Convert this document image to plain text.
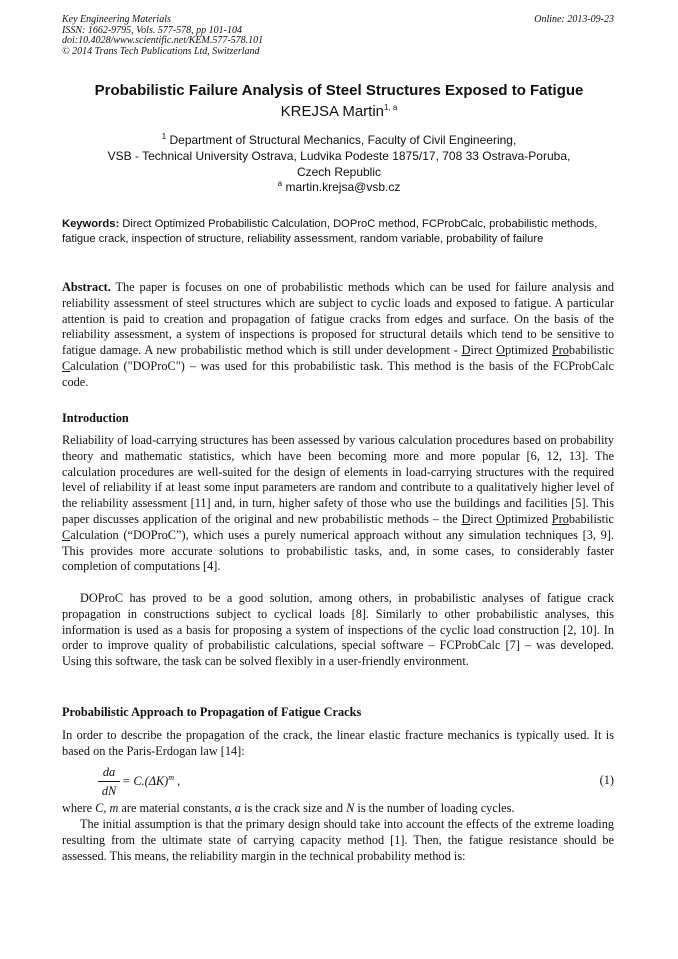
Key Engineering Materials
ISSN: 1662-9795, Vols. 577-578, pp 101-104
doi:10.4028/www.scientific.net/KEM.577-578.101
© 2014 Trans Tech Publications Ltd, Switzerland
Online: 2013-09-23
Probabilistic Failure Analysis of Steel Structures Exposed to Fatigue
KREJSA Martin$^{1, a}$
$^1$ Department of Structural Mechanics, Faculty of Civil Engineering,
VSB - Technical University Ostrava, Ludvika Podeste 1875/17, 708 33 Ostrava-Poruba,
Czech Republic
$^a$ martin.krejsa@vsb.cz
Keywords: Direct Optimized Probabilistic Calculation, DOProC method, FCProbCalc, probabilistic methods, fatigue crack, inspection of structure, reliability assessment, random variable, probability of failure
Abstract. The paper is focuses on one of probabilistic methods which can be used for failure analysis and reliability assessment of steel structures which are subject to cyclic loads and exposed to fatigue. A particular attention is paid to creation and propagation of fatigue cracks from edges and surface. On the basis of the reliability assessment, a system of inspections is proposed for structural details which tend to be sensitive to fatigue damage. A new probabilistic method which is still under development - Direct Optimized Probabilistic Calculation ("DOProC") – was used for this probabilistic task. This method is the basis of the FCProbCalc code.
Introduction

Reliability of load-carrying structures has been assessed by various calculation procedures based on probability theory and mathematic statistics, which have been becoming more and more popular [6, 12, 13]. The calculation procedures are well-suited for the design of elements in load-carrying structures with the required level of reliability if at least some input parameters are random and contribute to a qualitatively higher level of the reliability assessment [11] and, in turn, higher safety of those who use the buildings and facilities [5]. This paper discusses application of the original and new probabilistic methods – the Direct Optimized Probabilistic Calculation (“DOProC”), which uses a purely numerical approach without any simulation techniques [3, 9]. This provides more accurate solutions to probabilistic tasks, and, in some cases, to considerably faster completion of computations [4].

DOProC has proved to be a good solution, among others, in probabilistic analyses of fatigue crack propagation in constructions subject to cyclical loads [8]. Similarly to other probabilistic analyses, this information is used as a basis for proposing a system of inspections of the cyclic load construction [2, 10]. In order to improve quality of probabilistic calculations, special software – FCProbCalc [7] – was developed. Using this software, the task can be solved flexibly in a user-friendly environment.

Probabilistic Approach to Propagation of Fatigue Cracks

In order to describe the propagation of the crack, the linear elastic fracture mechanics is typically used. It is based on the Paris-Erdogan law [14]:

da
dN
= $C.(\Delta K)^m$ ,	(1)

where C, m are material constants, a is the crack size and N is the number of loading cycles.

The initial assumption is that the primary design should take into account the effects of the extreme loading resulting from the ultimate state of carrying capacity method [1]. Then, the fatigue resistance should be assessed. This means, the reliability margin in the technical probability method is:
